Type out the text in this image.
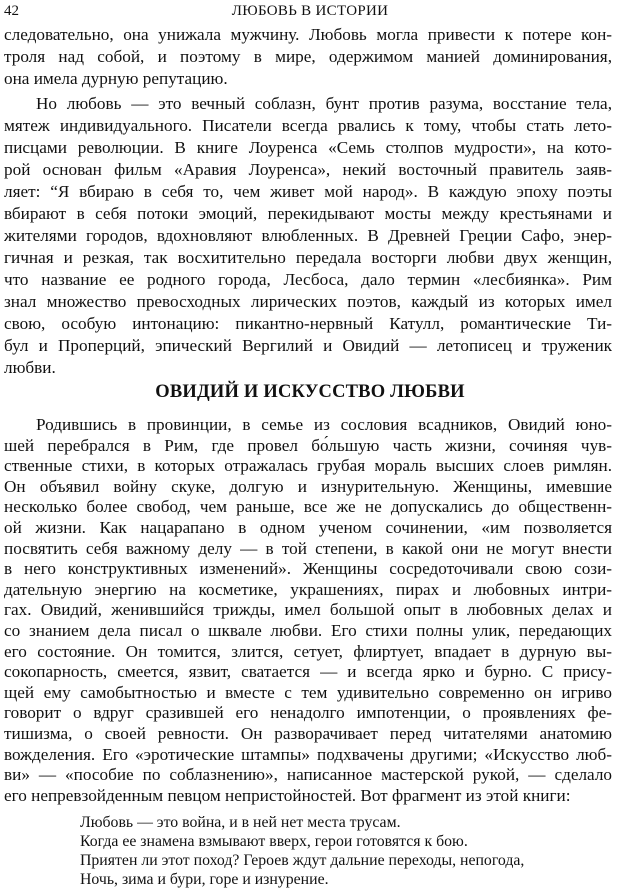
42	ЛЮБОВЬ В ИСТОРИИ
следовательно, она унижала мужчину. Любовь могла привести к потере кон-
троля над собой, и поэтому в мире, одержимом манией доминирования,
она имела дурную репутацию.
Но любовь — это вечный соблазн, бунт против разума, восстание тела,
мятеж индивидуального. Писатели всегда рвались к тому, чтобы стать лето-
писцами революции. В книге Лоуренса «Семь столпов мудрости», на кото-
рой основан фильм «Аравия Лоуренса», некий восточный правитель заяв-
ляет: “Я вбираю в себя то, чем живет мой народ». В каждую эпоху поэты
вбирают в себя потоки эмоций, перекидывают мосты между крестьянами и
жителями городов, вдохновляют влюбленных. В Древней Греции Сафо, энер-
гичная и резкая, так восхитительно передала восторги любви двух женщин,
что название ее родного города, Лесбоса, дало термин «лесбиянка». Рим
знал множество превосходных лирических поэтов, каждый из которых имел
свою, особую интонацию: пикантно-нервный Катулл, романтические Ти-
бул и Проперций, эпический Вергилий и Овидий — летописец и труженик
любви.
ОВИДИЙ И ИСКУССТВО ЛЮБВИ
Родившись в провинции, в семье из сословия всадников, Овидий юно-
шей перебрался в Рим, где провел бо́льшую часть жизни, сочиняя чув-
ственные стихи, в которых отражалась грубая мораль высших слоев римлян.
Он объявил войну скуке, долгую и изнурительную. Женщины, имевшие
несколько более свобод, чем раньше, все же не допускались до общественн-
ой жизни. Как нацарапано в одном ученом сочинении, «им позволяется
посвятить себя важному делу — в той степени, в какой они не могут внести
в него конструктивных изменений». Женщины сосредоточивали свою сози-
дательную энергию на косметике, украшениях, пирах и любовных интри-
гах. Овидий, женившийся трижды, имел большой опыт в любовных делах и
со знанием дела писал о шквале любви. Его стихи полны улик, передающих
его состояние. Он томится, злится, сетует, флиртует, впадает в дурную вы-
сокопарность, смеется, язвит, сватается — и всегда ярко и бурно. С прису-
щей ему самобытностью и вместе с тем удивительно современно он игриво
говорит о вдруг сразившей его ненадолго импотенции, о проявлениях фе-
тишизма, о своей ревности. Он разворачивает перед читателями анатомию
вожделения. Его «эротические штампы» подхвачены другими; «Искусство люб-
ви» — «пособие по соблазнению», написанное мастерской рукой, — сделало
его непревзойденным певцом непристойностей. Вот фрагмент из этой книги:
Любовь — это война, и в ней нет места трусам.
Когда ее знамена взмывают вверх, герои готовятся к бою.
Приятен ли этот поход? Героев ждут дальние переходы, непогода,
Ночь, зима и бури, горе и изнурение.
